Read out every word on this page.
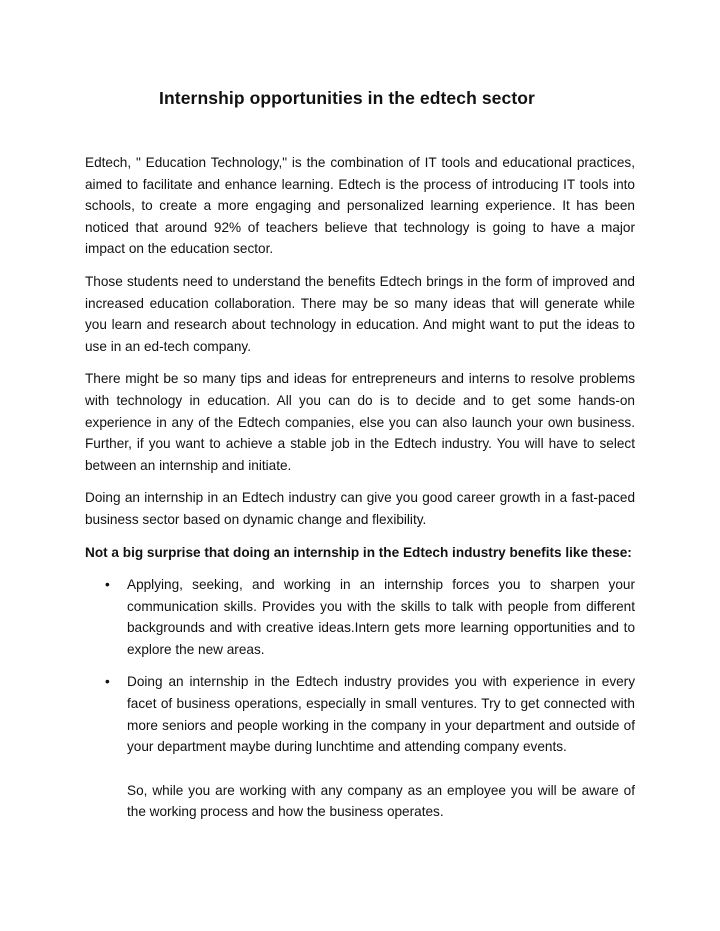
Internship opportunities in the edtech sector

Edtech, " Education Technology," is the combination of IT tools and educational practices, aimed to facilitate and enhance learning. Edtech is the process of introducing IT tools into schools, to create a more engaging and personalized learning experience. It has been noticed that around 92% of teachers believe that technology is going to have a major impact on the education sector.

Those students need to understand the benefits Edtech brings in the form of improved and increased education collaboration. There may be so many ideas that will generate while you learn and research about technology in education. And might want to put the ideas to use in an ed-tech company.

There might be so many tips and ideas for entrepreneurs and interns to resolve problems with technology in education. All you can do is to decide and to get some hands-on experience in any of the Edtech companies, else you can also launch your own business. Further, if you want to achieve a stable job in the Edtech industry. You will have to select between an internship and initiate.

Doing an internship in an Edtech industry can give you good career growth in a fast-paced business sector based on dynamic change and flexibility.

Not a big surprise that doing an internship in the Edtech industry benefits like these:

• Applying, seeking, and working in an internship forces you to sharpen your communication skills. Provides you with the skills to talk with people from different backgrounds and with creative ideas.Intern gets more learning opportunities and to explore the new areas.
• Doing an internship in the Edtech industry provides you with experience in every facet of business operations, especially in small ventures. Try to get connected with more seniors and people working in the company in your department and outside of your department maybe during lunchtime and attending company events.
So, while you are working with any company as an employee you will be aware of the working process and how the business operates.
